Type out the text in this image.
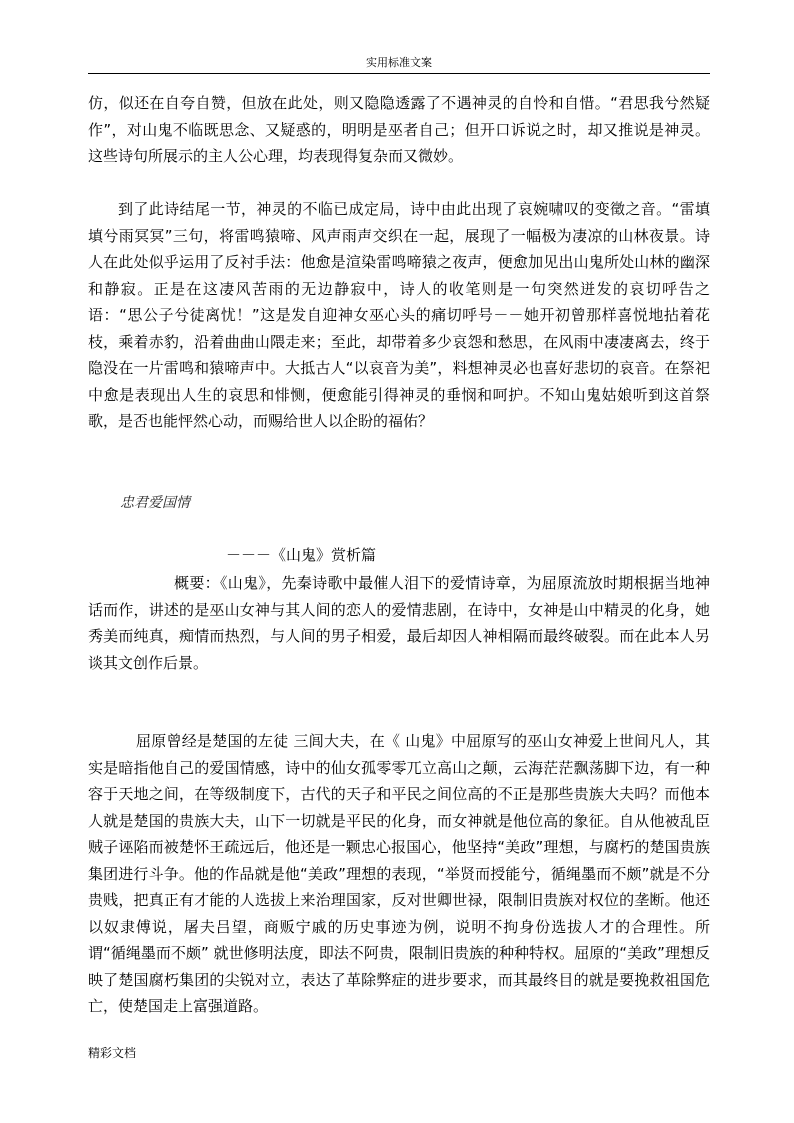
实用标准文案

仿，似还在自夸自赞，但放在此处，则又隐隐透露了不遇神灵的自怜和自惜。“君思我兮然疑作”，对山鬼不临既思念、又疑惑的，明明是巫者自己；但开口诉说之时，却又推说是神灵。这些诗句所展示的主人公心理，均表现得复杂而又微妙。

到了此诗结尾一节，神灵的不临已成定局，诗中由此出现了哀婉啸叹的变徵之音。“雷填填兮雨冥冥”三句，将雷鸣猿啼、风声雨声交织在一起，展现了一幅极为凄凉的山林夜景。诗人在此处似乎运用了反衬手法：他愈是渲染雷鸣啼猿之夜声，便愈加见出山鬼所处山林的幽深和静寂。正是在这凄风苦雨的无边静寂中，诗人的收笔则是一句突然迸发的哀切呼告之语：“思公子兮徒离忧！”这是发自迎神女巫心头的痛切呼号－－她开初曾那样喜悦地拈着花枝，乘着赤豹，沿着曲曲山隈走来；至此，却带着多少哀怨和愁思，在风雨中凄凄离去，终于隐没在一片雷鸣和猿啼声中。大抵古人“以哀音为美”，料想神灵必也喜好悲切的哀音。在祭祀中愈是表现出人生的哀思和悱恻，便愈能引得神灵的垂悯和呵护。不知山鬼姑娘听到这首祭歌，是否也能怦然心动，而赐给世人以企盼的福佑？

忠君爱国情
－－－《山鬼》赏析篇

概要：《山鬼》，先秦诗歌中最催人泪下的爱情诗章，为屈原流放时期根据当地神话而作，讲述的是巫山女神与其人间的恋人的爱情悲剧，在诗中，女神是山中精灵的化身，她秀美而纯真，痴情而热烈，与人间的男子相爱，最后却因人神相隔而最终破裂。而在此本人另谈其文创作后景。

屈原曾经是楚国的左徒 三闾大夫，在《 山鬼》中屈原写的巫山女神爱上世间凡人，其实是暗指他自己的爱国情感，诗中的仙女孤零零兀立高山之颠，云海茫茫飘荡脚下边，有一种容于天地之间，在等级制度下，古代的天子和平民之间位高的不正是那些贵族大夫吗？而他本人就是楚国的贵族大夫，山下一切就是平民的化身，而女神就是他位高的象征。自从他被乱臣贼子诬陷而被楚怀王疏远后，他还是一颗忠心报国心，他坚持“美政”理想，与腐朽的楚国贵族集团进行斗争。他的作品就是他“美政”理想的表现，“举贤而授能兮，循绳墨而不颇”就是不分贵贱，把真正有才能的人选拔上来治理国家，反对世卿世禄，限制旧贵族对权位的垄断。他还以奴隶傅说，屠夫吕望，商贩宁戚的历史事迹为例，说明不拘身份选拔人才的合理性。所谓“循绳墨而不颇” 就世修明法度，即法不阿贵，限制旧贵族的种种特权。屈原的“美政”理想反映了楚国腐朽集团的尖锐对立，表达了革除弊症的进步要求，而其最终目的就是要挽救祖国危亡，使楚国走上富强道路。

精彩文档
